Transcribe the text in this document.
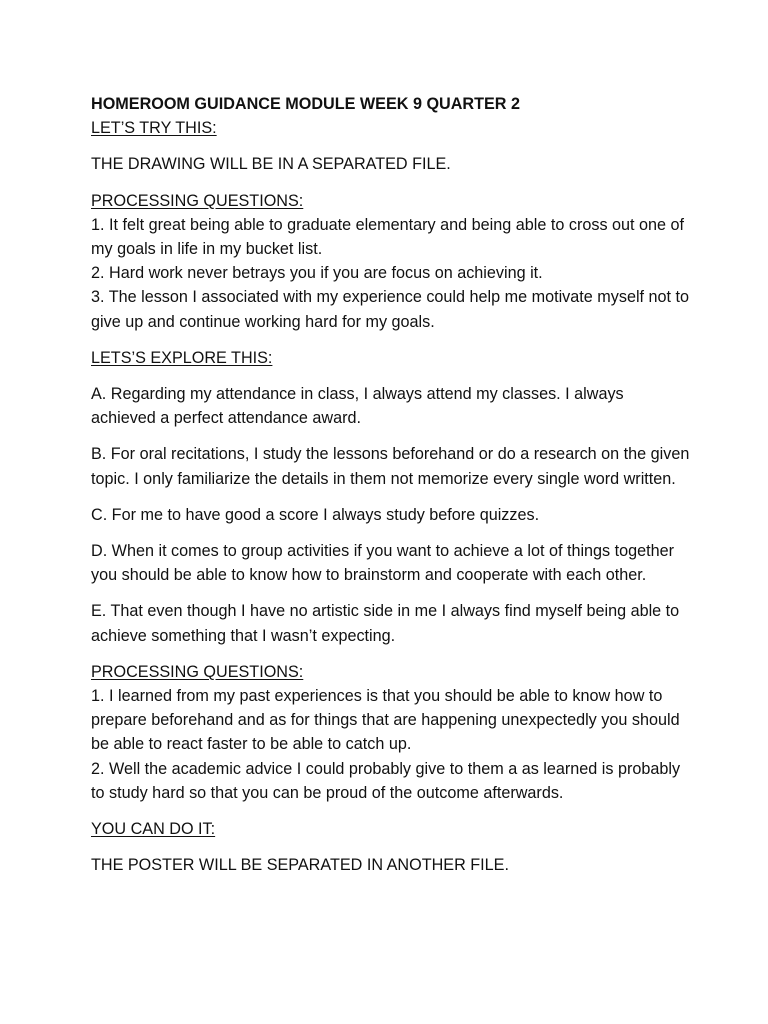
HOMEROOM GUIDANCE MODULE WEEK 9 QUARTER 2

LET’S TRY THIS:

THE DRAWING WILL BE IN A SEPARATED FILE.

PROCESSING QUESTIONS:

1. It felt great being able to graduate elementary and being able to cross out one of my goals in life in my bucket list.

2. Hard work never betrays you if you are focus on achieving it.

3. The lesson I associated with my experience could help me motivate myself not to give up and continue working hard for my goals.

LETS’S EXPLORE THIS:

A. Regarding my attendance in class, I always attend my classes. I always achieved a perfect attendance award.

B. For oral recitations, I study the lessons beforehand or do a research on the given topic. I only familiarize the details in them not memorize every single word written.

C. For me to have good a score I always study before quizzes.

D. When it comes to group activities if you want to achieve a lot of things together you should be able to know how to brainstorm and cooperate with each other.

E. That even though I have no artistic side in me I always find myself being able to achieve something that I wasn’t expecting.

PROCESSING QUESTIONS:

1. I learned from my past experiences is that you should be able to know how to prepare beforehand and as for things that are happening unexpectedly you should be able to react faster to be able to catch up.

2. Well the academic advice I could probably give to them a as learned is probably to study hard so that you can be proud of the outcome afterwards.

YOU CAN DO IT:

THE POSTER WILL BE SEPARATED IN ANOTHER FILE.
